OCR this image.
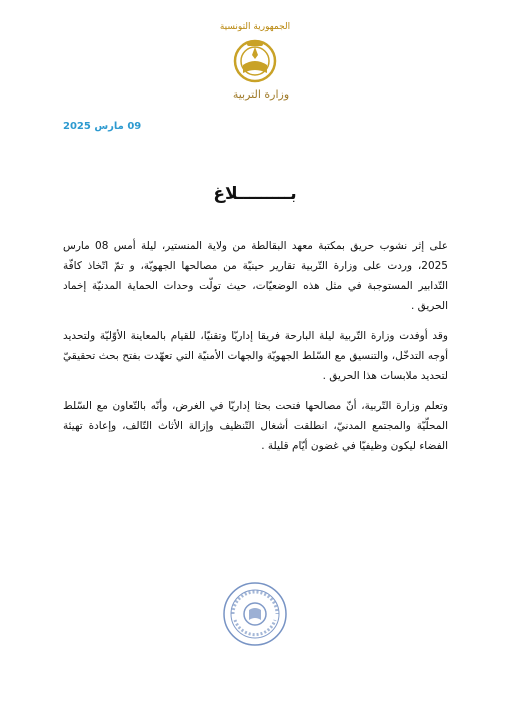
الجمهورية التونسية
وزارة التربية
09 مارس 2025
بـــــــــلاغ

على إثر نشوب حريق بمكتبة معهد البقالطة من ولاية المنستير، ليلة أمس 08 مارس 2025، وردت على وزارة التّربية تقارير حينيّة من مصالحها الجهويّة، و تمّ اتّخاذ كافّة التّدابير المستوجبة في مثل هذه الوضعيّات، حيث تولّت وحدات الحماية المدنيّة إخماد الحريق .

وقد أوفدت وزارة التّربية ليلة البارحة فريقا إداريّا وتقنيّا، للقيام بالمعاينة الأوّليّة ولتحديد أوجه التدخّل، والتنسيق مع السّلط الجهويّة والجهات الأمنيّة التي تعهّدت بفتح بحث تحقيقيّ لتحديد ملابسات هذا الحريق .

وتعلم وزارة التّربية، أنّ مصالحها فتحت بحثا إداريّا في الغرض، وأنّه بالتّعاون مع السّلط المحلّيّة والمجتمع المدنيّ، انطلقت أشغال التّنظيف وإزالة الأثاث التّالف، وإعادة تهيئة الفضاء ليكون وظيفيّا في غضون أيّام قليلة .
